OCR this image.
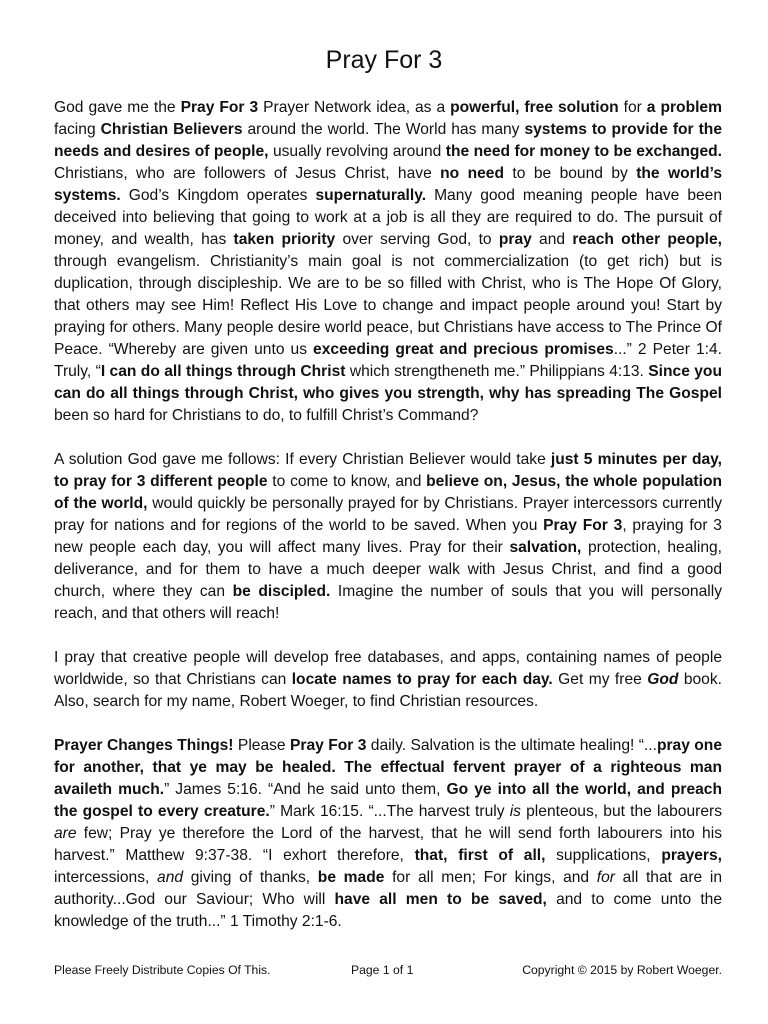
Pray For 3

God gave me the Pray For 3 Prayer Network idea, as a powerful, free solution for a problem facing Christian Believers around the world. The World has many systems to provide for the needs and desires of people, usually revolving around the need for money to be exchanged. Christians, who are followers of Jesus Christ, have no need to be bound by the world’s systems. God’s Kingdom operates supernaturally. Many good meaning people have been deceived into believing that going to work at a job is all they are required to do. The pursuit of money, and wealth, has taken priority over serving God, to pray and reach other people, through evangelism. Christianity’s main goal is not commercialization (to get rich) but is duplication, through discipleship. We are to be so filled with Christ, who is The Hope Of Glory, that others may see Him! Reflect His Love to change and impact people around you! Start by praying for others. Many people desire world peace, but Christians have access to The Prince Of Peace. “Whereby are given unto us exceeding great and precious promises...” 2 Peter 1:4. Truly, “I can do all things through Christ which strengtheneth me.” Philippians 4:13. Since you can do all things through Christ, who gives you strength, why has spreading The Gospel been so hard for Christians to do, to fulfill Christ’s Command?

A solution God gave me follows: If every Christian Believer would take just 5 minutes per day, to pray for 3 different people to come to know, and believe on, Jesus, the whole population of the world, would quickly be personally prayed for by Christians. Prayer intercessors currently pray for nations and for regions of the world to be saved. When you Pray For 3, praying for 3 new people each day, you will affect many lives. Pray for their salvation, protection, healing, deliverance, and for them to have a much deeper walk with Jesus Christ, and find a good church, where they can be discipled. Imagine the number of souls that you will personally reach, and that others will reach!

I pray that creative people will develop free databases, and apps, containing names of people worldwide, so that Christians can locate names to pray for each day. Get my free God book. Also, search for my name, Robert Woeger, to find Christian resources.

Prayer Changes Things! Please Pray For 3 daily. Salvation is the ultimate healing! “...pray one for another, that ye may be healed. The effectual fervent prayer of a righteous man availeth much.” James 5:16. “And he said unto them, Go ye into all the world, and preach the gospel to every creature.” Mark 16:15. “...The harvest truly is plenteous, but the labourers are few; Pray ye therefore the Lord of the harvest, that he will send forth labourers into his harvest.” Matthew 9:37-38. “I exhort therefore, that, first of all, supplications, prayers, intercessions, and giving of thanks, be made for all men; For kings, and for all that are in authority...God our Saviour; Who will have all men to be saved, and to come unto the knowledge of the truth...” 1 Timothy 2:1-6.

Please Freely Distribute Copies Of This.	Page 1 of 1	Copyright © 2015 by Robert Woeger.
